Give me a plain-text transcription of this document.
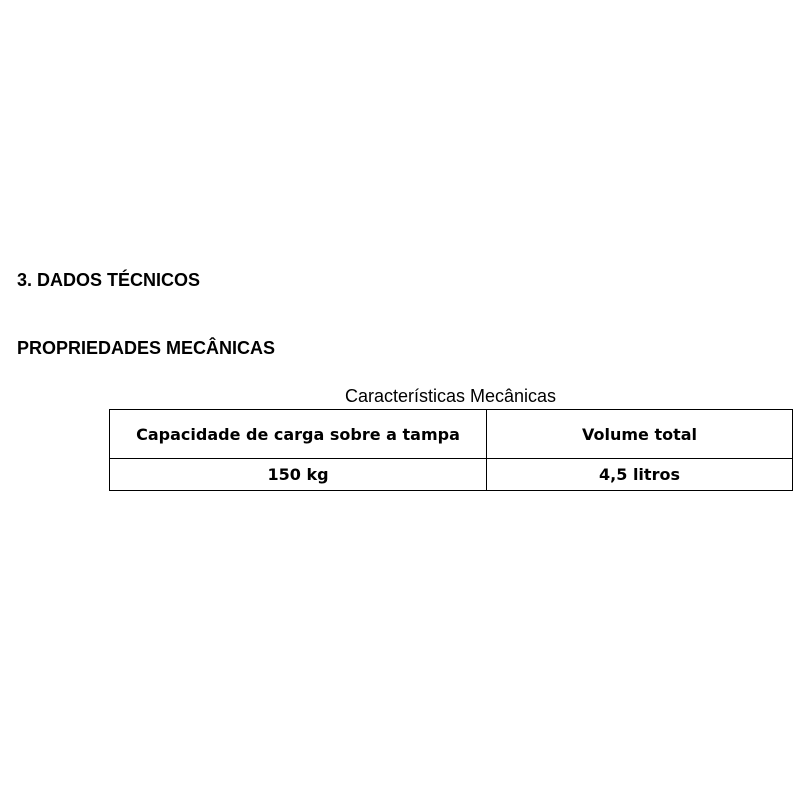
3. DADOS TÉCNICOS
PROPRIEDADES MECÂNICAS
Características Mecânicas
Capacidade de carga sobre a tampa	Volume total
150 kg	4,5 litros
